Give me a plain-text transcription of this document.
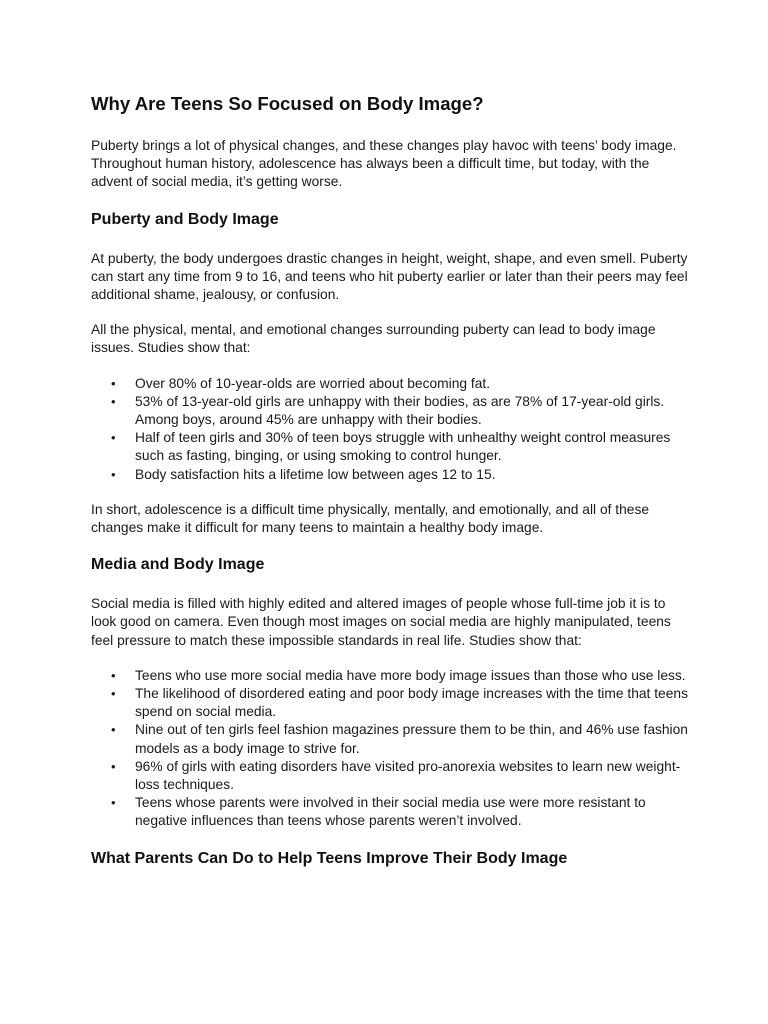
Why Are Teens So Focused on Body Image?

Puberty brings a lot of physical changes, and these changes play havoc with teens’ body image. Throughout human history, adolescence has always been a difficult time, but today, with the advent of social media, it’s getting worse.

Puberty and Body Image

At puberty, the body undergoes drastic changes in height, weight, shape, and even smell. Puberty can start any time from 9 to 16, and teens who hit puberty earlier or later than their peers may feel additional shame, jealousy, or confusion.

All the physical, mental, and emotional changes surrounding puberty can lead to body image issues. Studies show that:

• Over 80% of 10-year-olds are worried about becoming fat.
• 53% of 13-year-old girls are unhappy with their bodies, as are 78% of 17-year-old girls. Among boys, around 45% are unhappy with their bodies.
• Half of teen girls and 30% of teen boys struggle with unhealthy weight control measures such as fasting, binging, or using smoking to control hunger.
• Body satisfaction hits a lifetime low between ages 12 to 15.

In short, adolescence is a difficult time physically, mentally, and emotionally, and all of these changes make it difficult for many teens to maintain a healthy body image.

Media and Body Image

Social media is filled with highly edited and altered images of people whose full-time job it is to look good on camera. Even though most images on social media are highly manipulated, teens feel pressure to match these impossible standards in real life. Studies show that:

• Teens who use more social media have more body image issues than those who use less.
• The likelihood of disordered eating and poor body image increases with the time that teens spend on social media.
• Nine out of ten girls feel fashion magazines pressure them to be thin, and 46% use fashion models as a body image to strive for.
• 96% of girls with eating disorders have visited pro-anorexia websites to learn new weight-loss techniques.
• Teens whose parents were involved in their social media use were more resistant to negative influences than teens whose parents weren’t involved.
What Parents Can Do to Help Teens Improve Their Body Image
